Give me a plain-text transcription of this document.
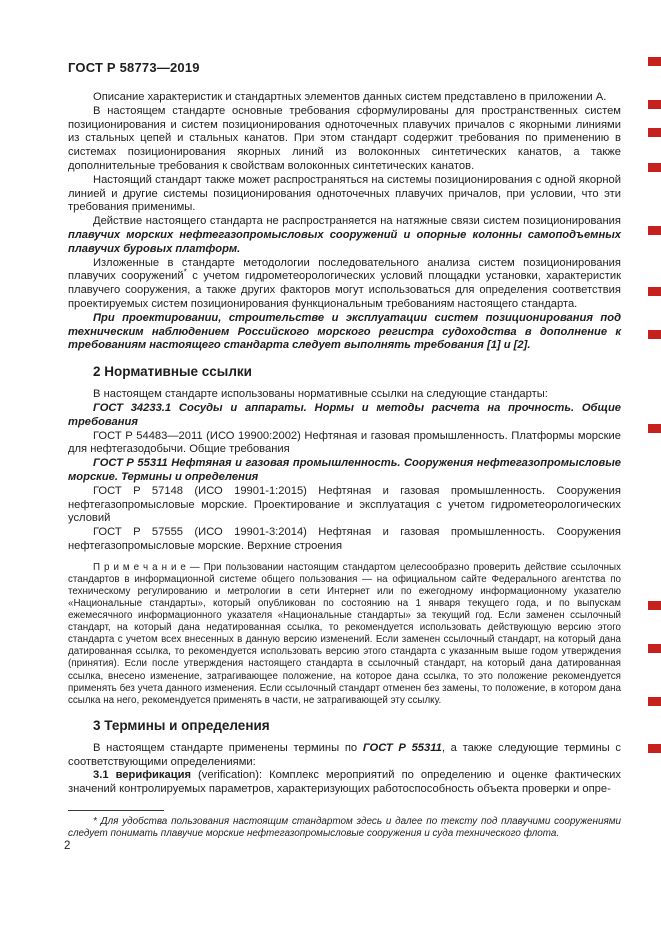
ГОСТ Р 58773—2019

Описание характеристик и стандартных элементов данных систем представлено в приложении А.

В настоящем стандарте основные требования сформулированы для пространственных систем позиционирования и систем позиционирования одноточечных плавучих причалов с якорными линиями из стальных цепей и стальных канатов. При этом стандарт содержит требования по применению в системах позиционирования якорных линий из волоконных синтетических канатов, а также дополнительные требования к свойствам волоконных синтетических канатов.

Настоящий стандарт также может распространяться на системы позиционирования с одной якорной линией и другие системы позиционирования одноточечных плавучих причалов, при условии, что эти требования применимы.

Действие настоящего стандарта не распространяется на натяжные связи систем позиционирования плавучих морских нефтегазопромысловых сооружений и опорные колонны самоподъемных плавучих буровых платформ.

Изложенные в стандарте методологии последовательного анализа систем позиционирования плавучих сооружений* с учетом гидрометеорологических условий площадки установки, характеристик плавучего сооружения, а также других факторов могут использоваться для определения соответствия проектируемых систем позиционирования функциональным требованиям настоящего стандарта.

При проектировании, строительстве и эксплуатации систем позиционирования под техническим наблюдением Российского морского регистра судоходства в дополнение к требованиям настоящего стандарта следует выполнять требования [1] и [2].

2 Нормативные ссылки

В настоящем стандарте использованы нормативные ссылки на следующие стандарты:

ГОСТ 34233.1 Сосуды и аппараты. Нормы и методы расчета на прочность. Общие требования

ГОСТ Р 54483—2011 (ИСО 19900:2002) Нефтяная и газовая промышленность. Платформы морские для нефтегазодобычи. Общие требования

ГОСТ Р 55311 Нефтяная и газовая промышленность. Сооружения нефтегазопромысловые морские. Термины и определения

ГОСТ Р 57148 (ИСО 19901-1:2015) Нефтяная и газовая промышленность. Сооружения нефтегазопромысловые морские. Проектирование и эксплуатация с учетом гидрометеорологических условий

ГОСТ Р 57555 (ИСО 19901-3:2014) Нефтяная и газовая промышленность. Сооружения нефтегазопромысловые морские. Верхние строения

П р и м е ч а н и е — При пользовании настоящим стандартом целесообразно проверить действие ссылочных стандартов в информационной системе общего пользования — на официальном сайте Федерального агентства по техническому регулированию и метрологии в сети Интернет или по ежегодному информационному указателю «Национальные стандарты», который опубликован по состоянию на 1 января текущего года, и по выпускам ежемесячного информационного указателя «Национальные стандарты» за текущий год. Если заменен ссылочный стандарт, на который дана недатированная ссылка, то рекомендуется использовать действующую версию этого стандарта с учетом всех внесенных в данную версию изменений. Если заменен ссылочный стандарт, на который дана датированная ссылка, то рекомендуется использовать версию этого стандарта с указанным выше годом утверждения (принятия). Если после утверждения настоящего стандарта в ссылочный стандарт, на который дана датированная ссылка, внесено изменение, затрагивающее положение, на которое дана ссылка, то это положение рекомендуется применять без учета данного изменения. Если ссылочный стандарт отменен без замены, то положение, в котором дана ссылка на него, рекомендуется применять в части, не затрагивающей эту ссылку.

3 Термины и определения

В настоящем стандарте применены термины по ГОСТ Р 55311, а также следующие термины с соответствующими определениями:

3.1 верификация (verification): Комплекс мероприятий по определению и оценке фактических значений контролируемых параметров, характеризующих работоспособность объекта проверки и опре-

* Для удобства пользования настоящим стандартом здесь и далее по тексту под плавучими сооружениями следует понимать плавучие морские нефтегазопромысловые сооружения и суда технического флота.
2
